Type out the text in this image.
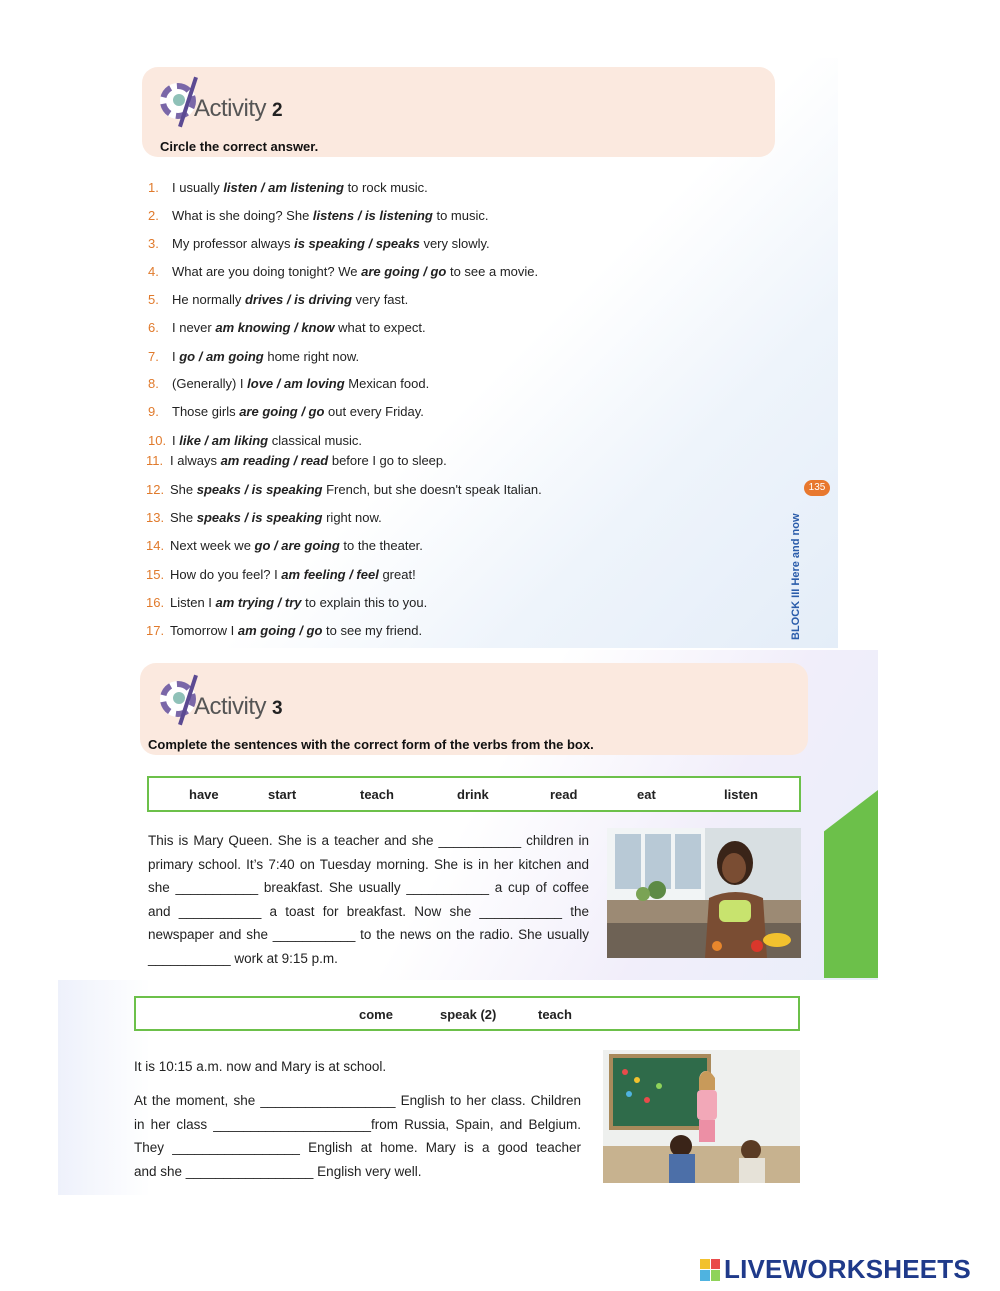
Activity 2
Circle the correct answer.
1. I usually listen / am listening to rock music.
2. What is she doing? She listens / is listening to music.
3. My professor always is speaking / speaks very slowly.
4. What are you doing tonight? We are going / go to see a movie.
5. He normally drives / is driving very fast.
6. I never am knowing / know what to expect.
7. I go / am going home right now.
8. (Generally) I love / am loving Mexican food.
9. Those girls are going / go out every Friday.
10. I like / am liking classical music.
11. I always am reading / read before I go to sleep.
12. She speaks / is speaking French, but she doesn't speak Italian.
13. She speaks / is speaking right now.
14. Next week we go / are going to the theater.
15. How do you feel? I am feeling / feel great!
16. Listen I am trying / try to explain this to you.
17. Tomorrow I am going / go to see my friend.
135
BLOCK III Here and now
Activity 3
Complete the sentences with the correct form of the verbs from the box.
have	start	teach	drink	read	eat	listen
This is Mary Queen. She is a teacher and she ___________ children in
primary school. It’s 7:40 on Tuesday morning. She is in her kitchen and
she ___________ breakfast. She usually ___________ a cup of coffee
and ___________ a toast for breakfast. Now she ___________ the
newspaper and she ___________ to the news on the radio. She usually
___________ work at 9:15 p.m.
come	speak (2)	teach
It is 10:15 a.m. now and Mary is at school.
At the moment, she __________________ English to her class. Children
in her class _____________________from Russia, Spain, and Belgium.
They _________________ English at home. Mary is a good teacher
and she _________________ English very well.
LIVEWORKSHEETS
